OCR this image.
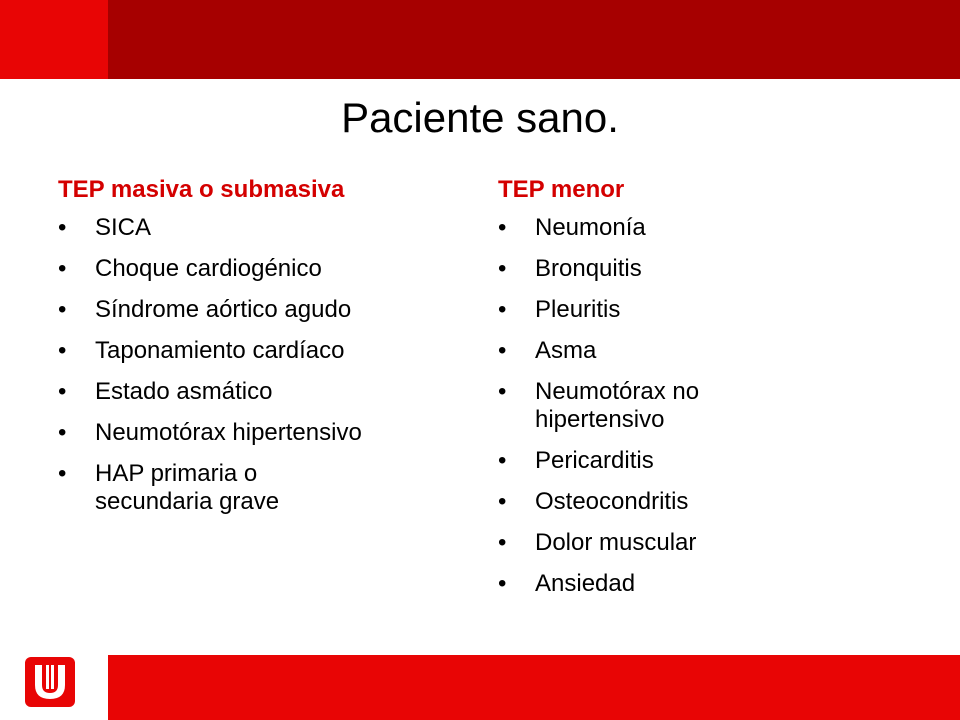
Paciente sano.
TEP masiva o submasiva
•	SICA
•	Choque cardiogénico
•	Síndrome aórtico agudo
•	Taponamiento cardíaco
•	Estado asmático
•	Neumotórax hipertensivo
•	HAP primaria o secundaria grave
TEP menor
•	Neumonía
•	Bronquitis
•	Pleuritis
•	Asma
•	Neumotórax no hipertensivo
•	Pericarditis
•	Osteocondritis
•	Dolor muscular
•	Ansiedad
